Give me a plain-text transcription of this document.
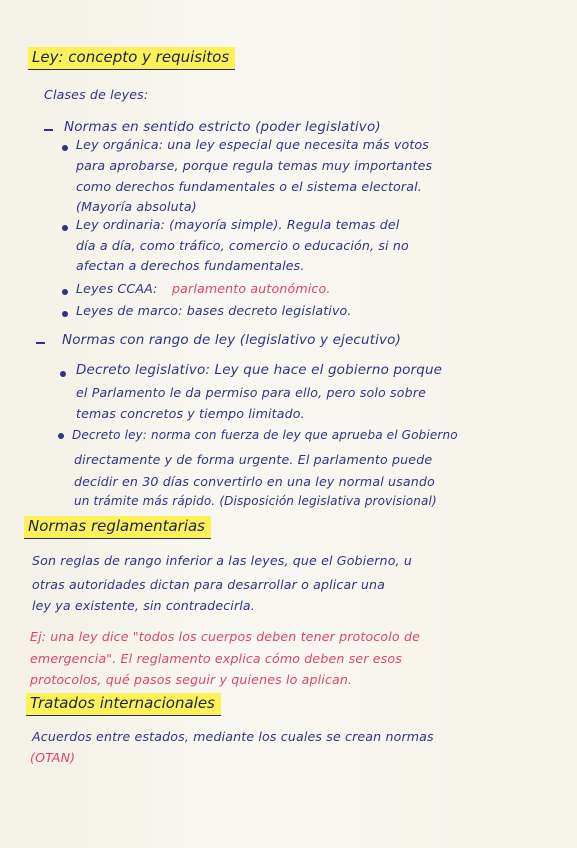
Ley: concepto y requisitos
Clases de leyes:
Normas en sentido estricto (poder legislativo)
Ley orgánica: una ley especial que necesita más votos
para aprobarse, porque regula temas muy importantes
como derechos fundamentales o el sistema electoral.
(Mayoría absoluta)
Ley ordinaria: (mayoría simple). Regula temas del
día a día, como tráfico, comercio o educación, si no
afectan a derechos fundamentales.
Leyes CCAA: parlamento autonómico.
Leyes de marco: bases decreto legislativo.
Normas con rango de ley (legislativo y ejecutivo)
Decreto legislativo: Ley que hace el gobierno porque
el Parlamento le da permiso para ello, pero solo sobre
temas concretos y tiempo limitado.
Decreto ley: norma con fuerza de ley que aprueba el Gobierno
directamente y de forma urgente. El parlamento puede
decidir en 30 días convertirlo en una ley normal usando
un trámite más rápido. (Disposición legislativa provisional)
Normas reglamentarias
Son reglas de rango inferior a las leyes, que el Gobierno, u
otras autoridades dictan para desarrollar o aplicar una
ley ya existente, sin contradecirla.
Ej: una ley dice "todos los cuerpos deben tener protocolo de
emergencia". El reglamento explica cómo deben ser esos
protocolos, qué pasos seguir y quienes lo aplican.
Tratados internacionales
Acuerdos entre estados, mediante los cuales se crean normas
(OTAN)
